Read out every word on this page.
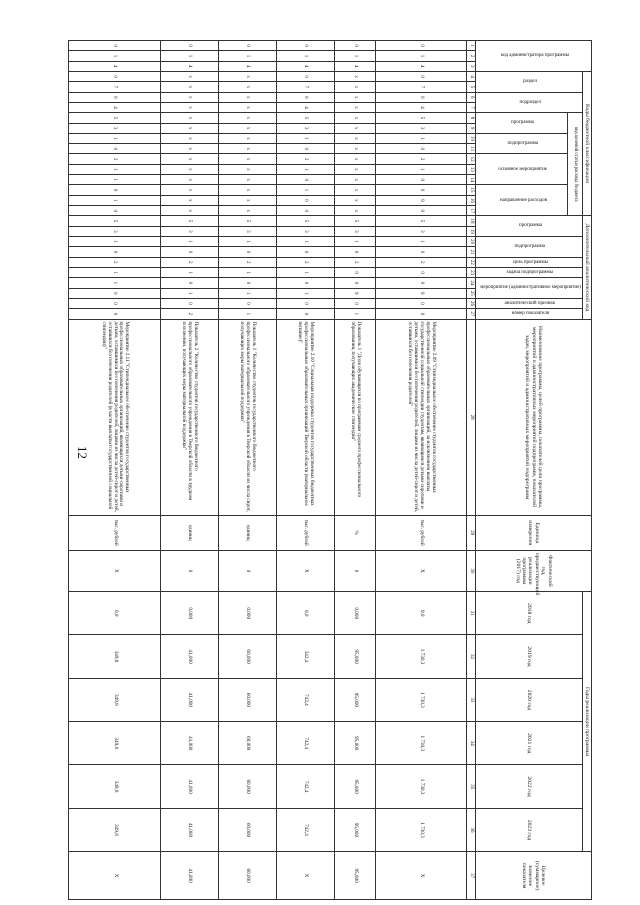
12
код администратора программы			Коды бюджетной классификации														Дополнительный аналитический код										Наименование программы, целей программы, показателей цели программы, мероприятий и административных мероприятий подпрограмм, показателей задач, мероприятий и административных мероприятий подпрограмм	Единица измерения	Фактический год, предшествующий реализации программы (2017) год	Годы реализации программы						Целевое (суммарное) значение показателя
			раздел		подраздел		код целевой статьи расхода бюджета										программа		подпрограмма		цель программы	задача подпрограммы	мероприятие (административное мероприятие)		аналитический признак	номер показателя				2018 год	2019 год	2020 год	2021 год	2022 год	2023 год	
							программа		подпрограмма		основное мероприятие			направление расходов																						
1	2	3	4	5	6	7	8	9	10	11	12	13	14	15	16	17	18	19	20	21	22	23	24	25	26	27	28	29	30	31	32	33	34	35	36	37
0	1	4	0	7	0	4	5	3	1	0	2	1	0	0	9	0	5	3	1	0	2	0	0	9	0	0	Мероприятие 2.09 "Стипендиальное обеспечение студентов государственных профессиональных образовательных организаций, за исключением выплаты государственной социальной стипендии студентам, являющимся детьми-сиротами и детьми, оставшимися без попечения родителей, лицами из числа детей-сирот и детей, оставшихся без попечения родителей"	тыс. рублей	Х	9,0	1 730,3	1 730,3	1 730,3	1 730,3	1 730,3	Х
0	1	4	x	x	x	x	x	x	x	x	x	x	x	x	x	x	5	3	1	0	2	0	0	9	0	1	Показатель 1 "Доля обучающихся по программам среднего профессионального образования, получающих академические стипендии"	%	0	0,000	95,000	95,000	95,000	95,000	95,000	95,000
0	1	4	0	7	0	4	5	3	1	0	2	1	0	1	0	0	5	3	1	0	2	1	0	1	0	0	Мероприятие 2.10 "Социальная поддержка студентов государственных бюджетных профессиональных образовательных организаций Тверской области (материальное питание)"	тыс. рублей	Х	0,0	342,4	742,4	742,4	742,4	742,4	Х
0	1	4	x	x	x	x	x	x	x	x	x	x	x	x	x	x	5	3	1	0	2	1	0	1	0	1	Показатель 1 "Количество студентов государственного бюджетного профессионального образовательного учреждения в Тверской области из числа сирот, получающих меры материальной поддержки"	единиц	0	0,000	60,000	60,000	60,000	60,000	60,000	60,000
0	1	4	x	x	x	x	x	x	x	x	x	x	x	x	x	x	5	3	1	0	2	1	0	1	0	2	Показатель 2 "Количество студентов государственного бюджетного профессионального образовательного учреждения в Тверской области в трудном положении, получающих меры материальной поддержки"	единиц	0	0,000	41,000	41,000	41,000	41,000	41,000	41,000
0	1	4	0	7	0	4	5	3	1	0	2	1	1	0	1	0	5	3	1	0	2	1	1	0	0	0	Мероприятие 2.11 "Стипендиальное обеспечение студентов государственных профессиональных образовательных организаций, являющихся детьми-сиротами и детьми, оставшимися без попечения родителей, лицами из числа детей-сирот и детей, оставшихся без попечения родителей (в части выплаты государственной социальной стипендии)"	тыс. рублей	Х	0,0	349,8	349,8	349,8	349,8	349,8	Х
